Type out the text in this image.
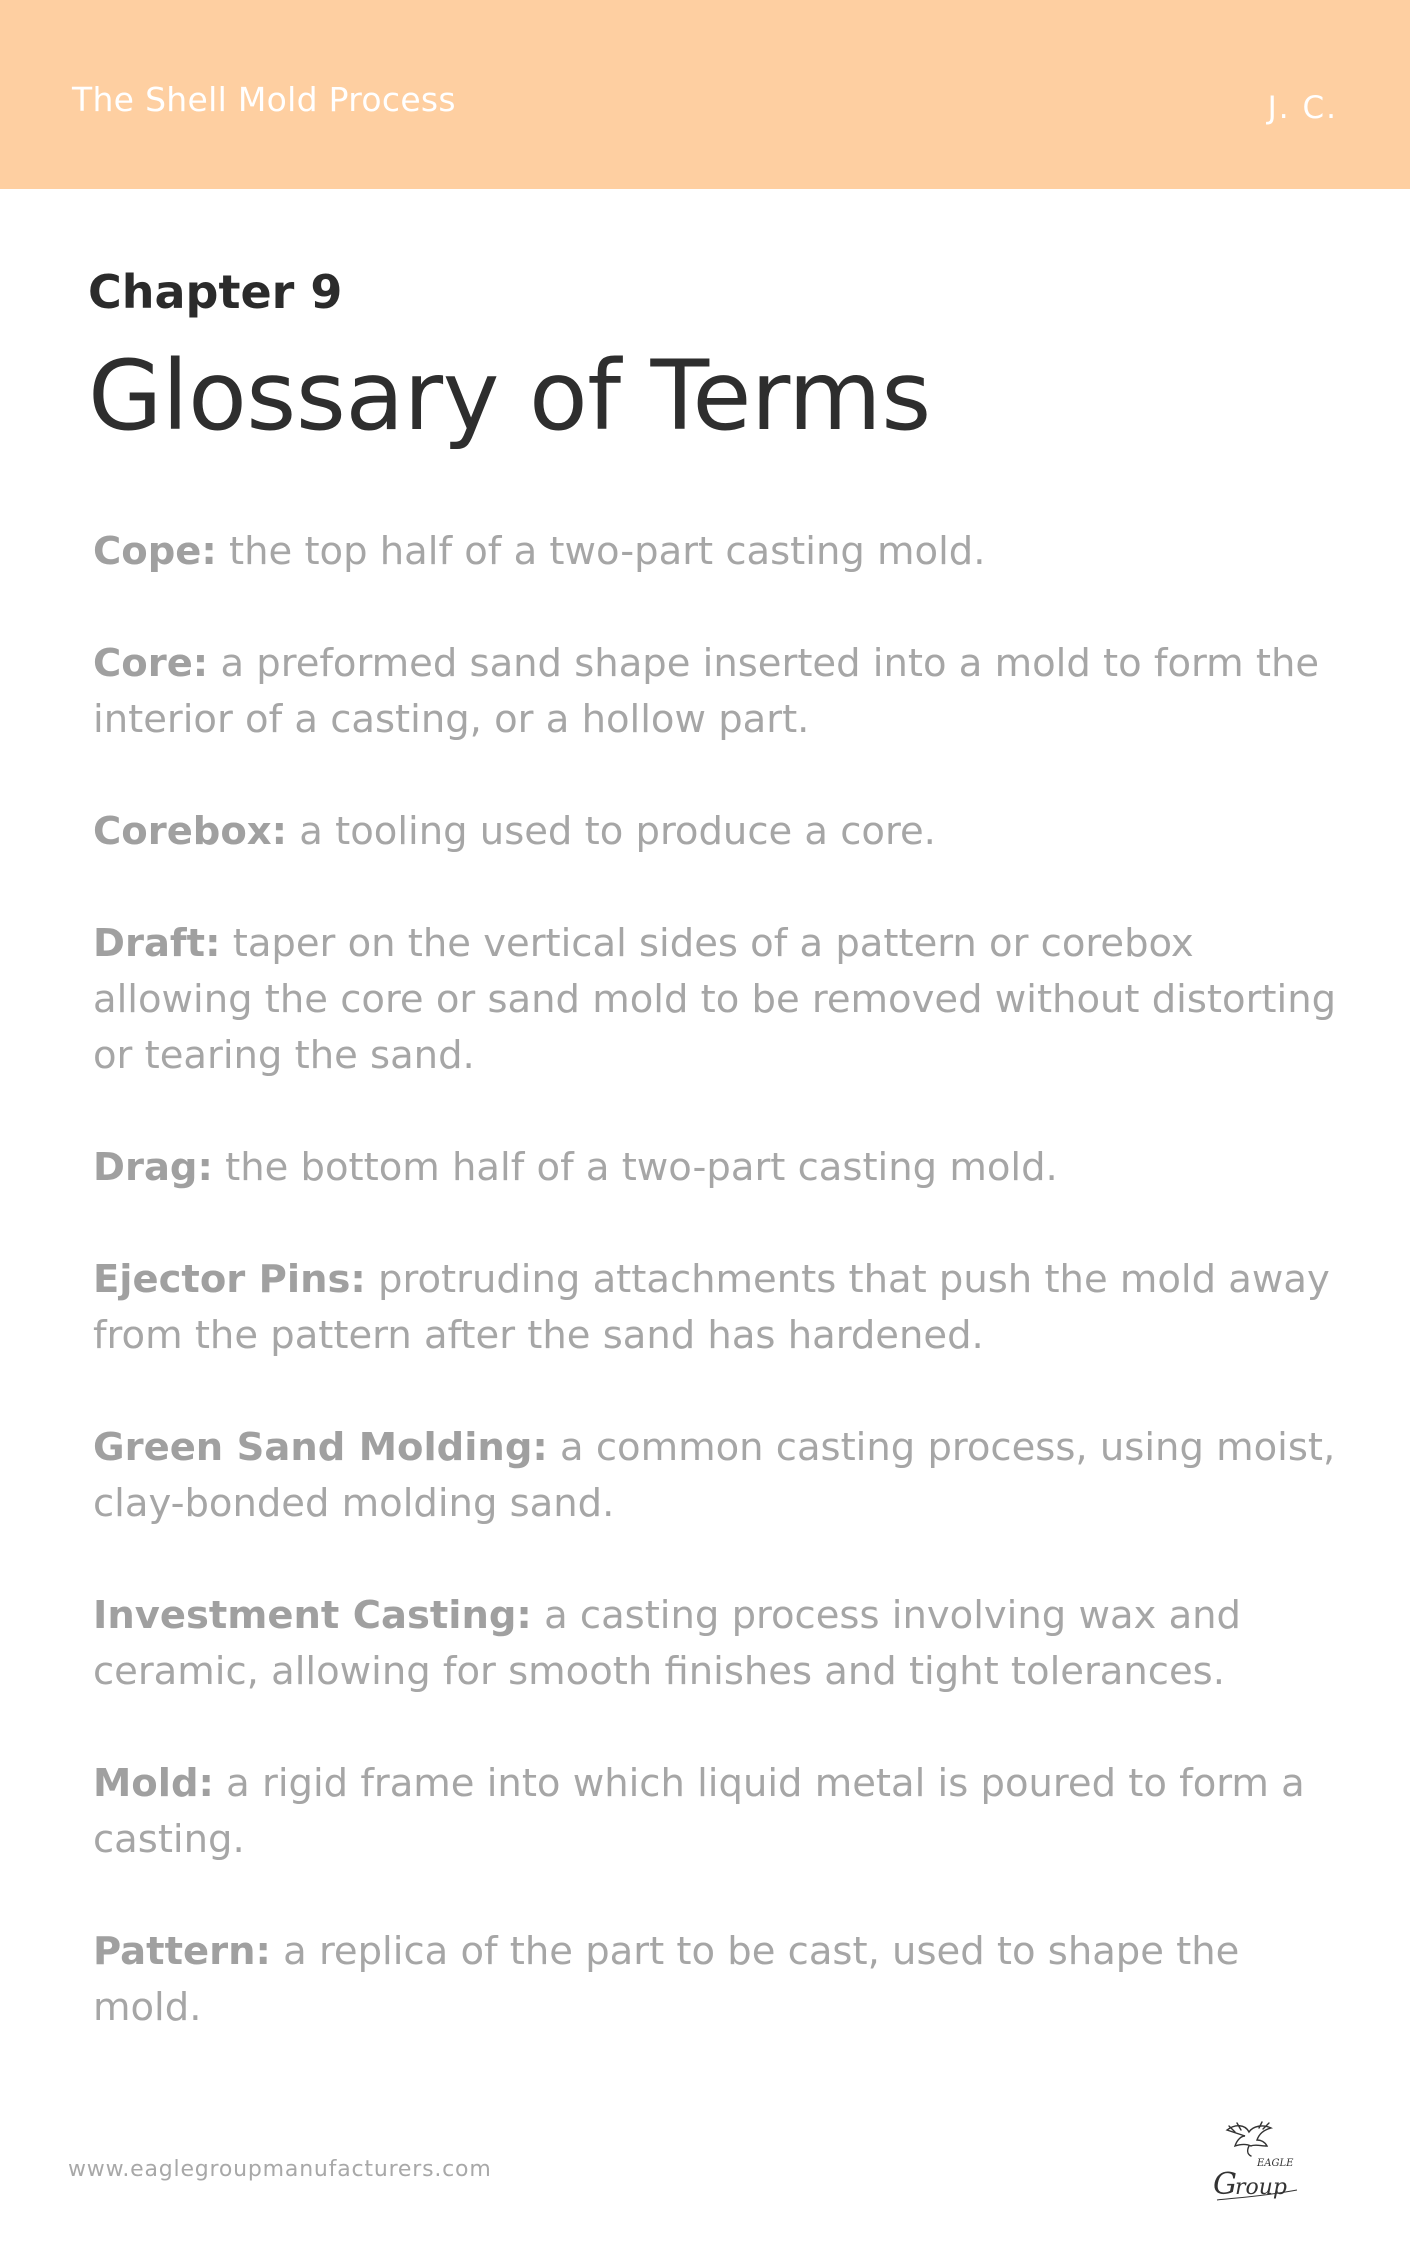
The Shell Mold Process	J. C.
Chapter 9
Glossary of Terms

Cope: the top half of a two-part casting mold.

Core: a preformed sand shape inserted into a mold to form the interior of a casting, or a hollow part.

Corebox: a tooling used to produce a core.

Draft: taper on the vertical sides of a pattern or corebox allowing the core or sand mold to be removed without distorting or tearing the sand.

Drag: the bottom half of a two-part casting mold.

Ejector Pins: protruding attachments that push the mold away from the pattern after the sand has hardened.

Green Sand Molding: a common casting process, using moist, clay-bonded molding sand.

Investment Casting: a casting process involving wax and ceramic, allowing for smooth finishes and tight tolerances.

Mold: a rigid frame into which liquid metal is poured to form a casting.

Pattern: a replica of the part to be cast, used to shape the mold.

www.eaglegroupmanufacturers.com	EAGLE
G
roup
